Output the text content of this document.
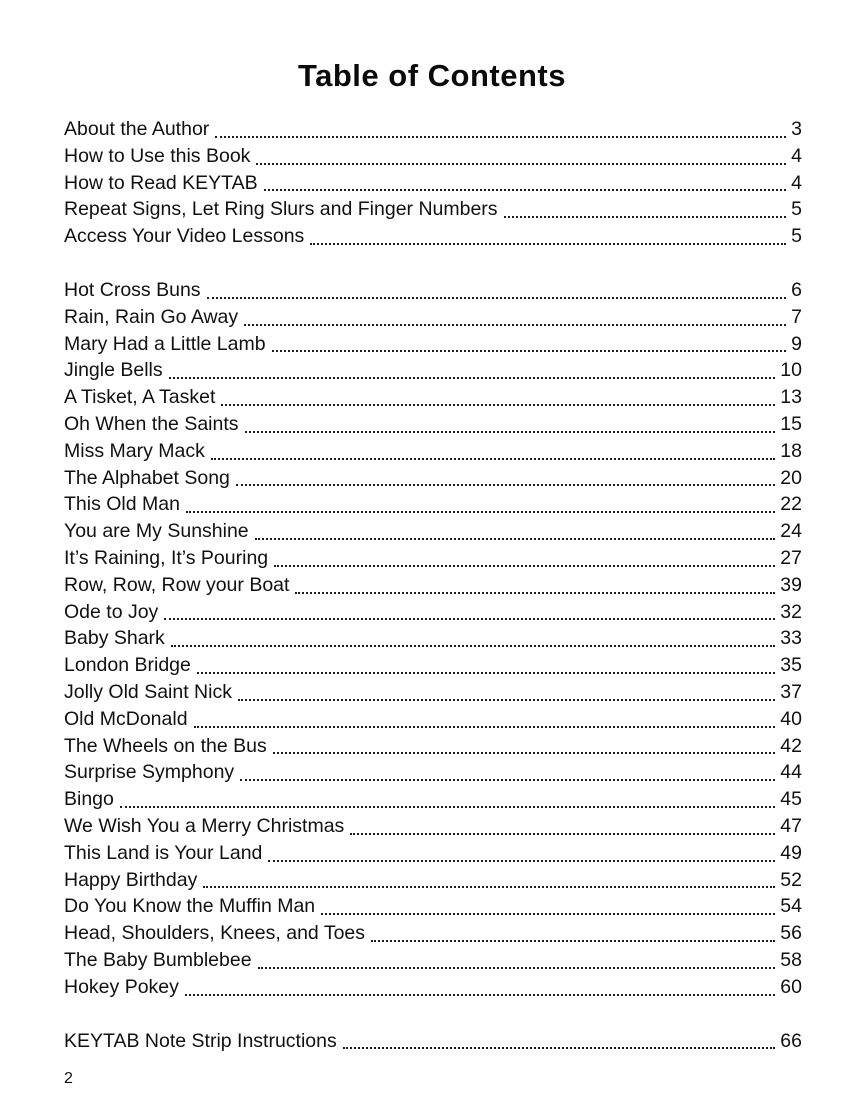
Table of Contents
About the Author	3
How to Use this Book	4
How to Read KEYTAB	4
Repeat Signs, Let Ring Slurs and Finger Numbers	5
Access Your Video Lessons	5
Hot Cross Buns	6
Rain, Rain Go Away	7
Mary Had a Little Lamb	9
Jingle Bells	10
A Tisket, A Tasket	13
Oh When the Saints	15
Miss Mary Mack	18
The Alphabet Song	20
This Old Man	22
You are My Sunshine	24
It’s Raining, It’s Pouring	27
Row, Row, Row your Boat	39
Ode to Joy	32
Baby Shark	33
London Bridge	35
Jolly Old Saint Nick	37
Old McDonald	40
The Wheels on the Bus	42
Surprise Symphony	44
Bingo	45
We Wish You a Merry Christmas	47
This Land is Your Land	49
Happy Birthday	52
Do You Know the Muffin Man	54
Head, Shoulders, Knees, and Toes	56
The Baby Bumblebee	58
Hokey Pokey	60
KEYTAB Note Strip Instructions	66
2
